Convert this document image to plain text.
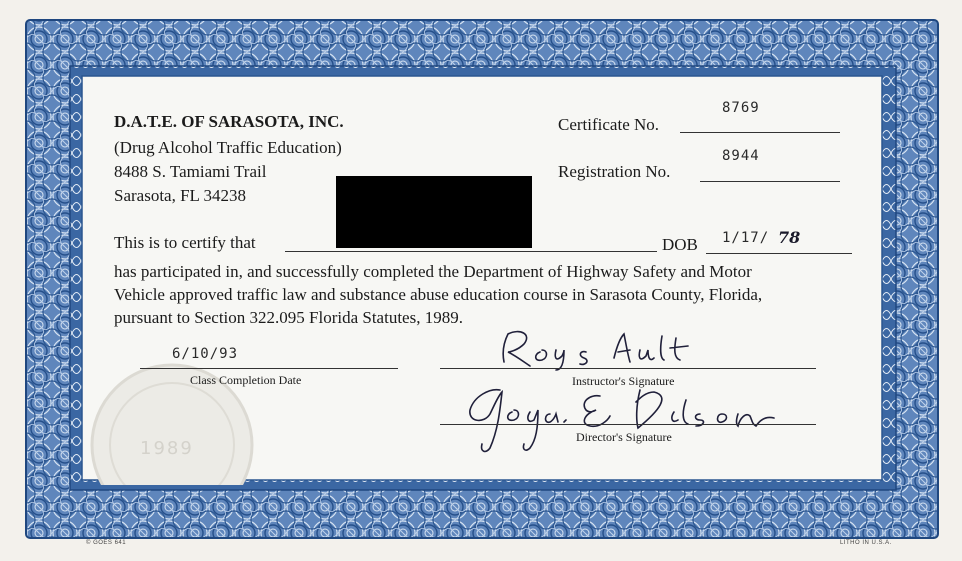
1989
D.A.T.E. OF SARASOTA, INC.
(Drug Alcohol Traffic Education)
8488 S. Tamiami Trail
Sarasota, FL 34238
Certificate No.
8769
Registration No.
8944
This is to certify that	DOB 1/17/ 78
has participated in, and successfully completed the Department of Highway Safety and Motor
Vehicle approved traffic law and substance abuse education course in Sarasota County, Florida,
pursuant to Section 322.095 Florida Statutes, 1989.
6/10/93
Class Completion Date	Instructor's Signature
Director's Signature
© GOES 641	LITHO IN U.S.A.
